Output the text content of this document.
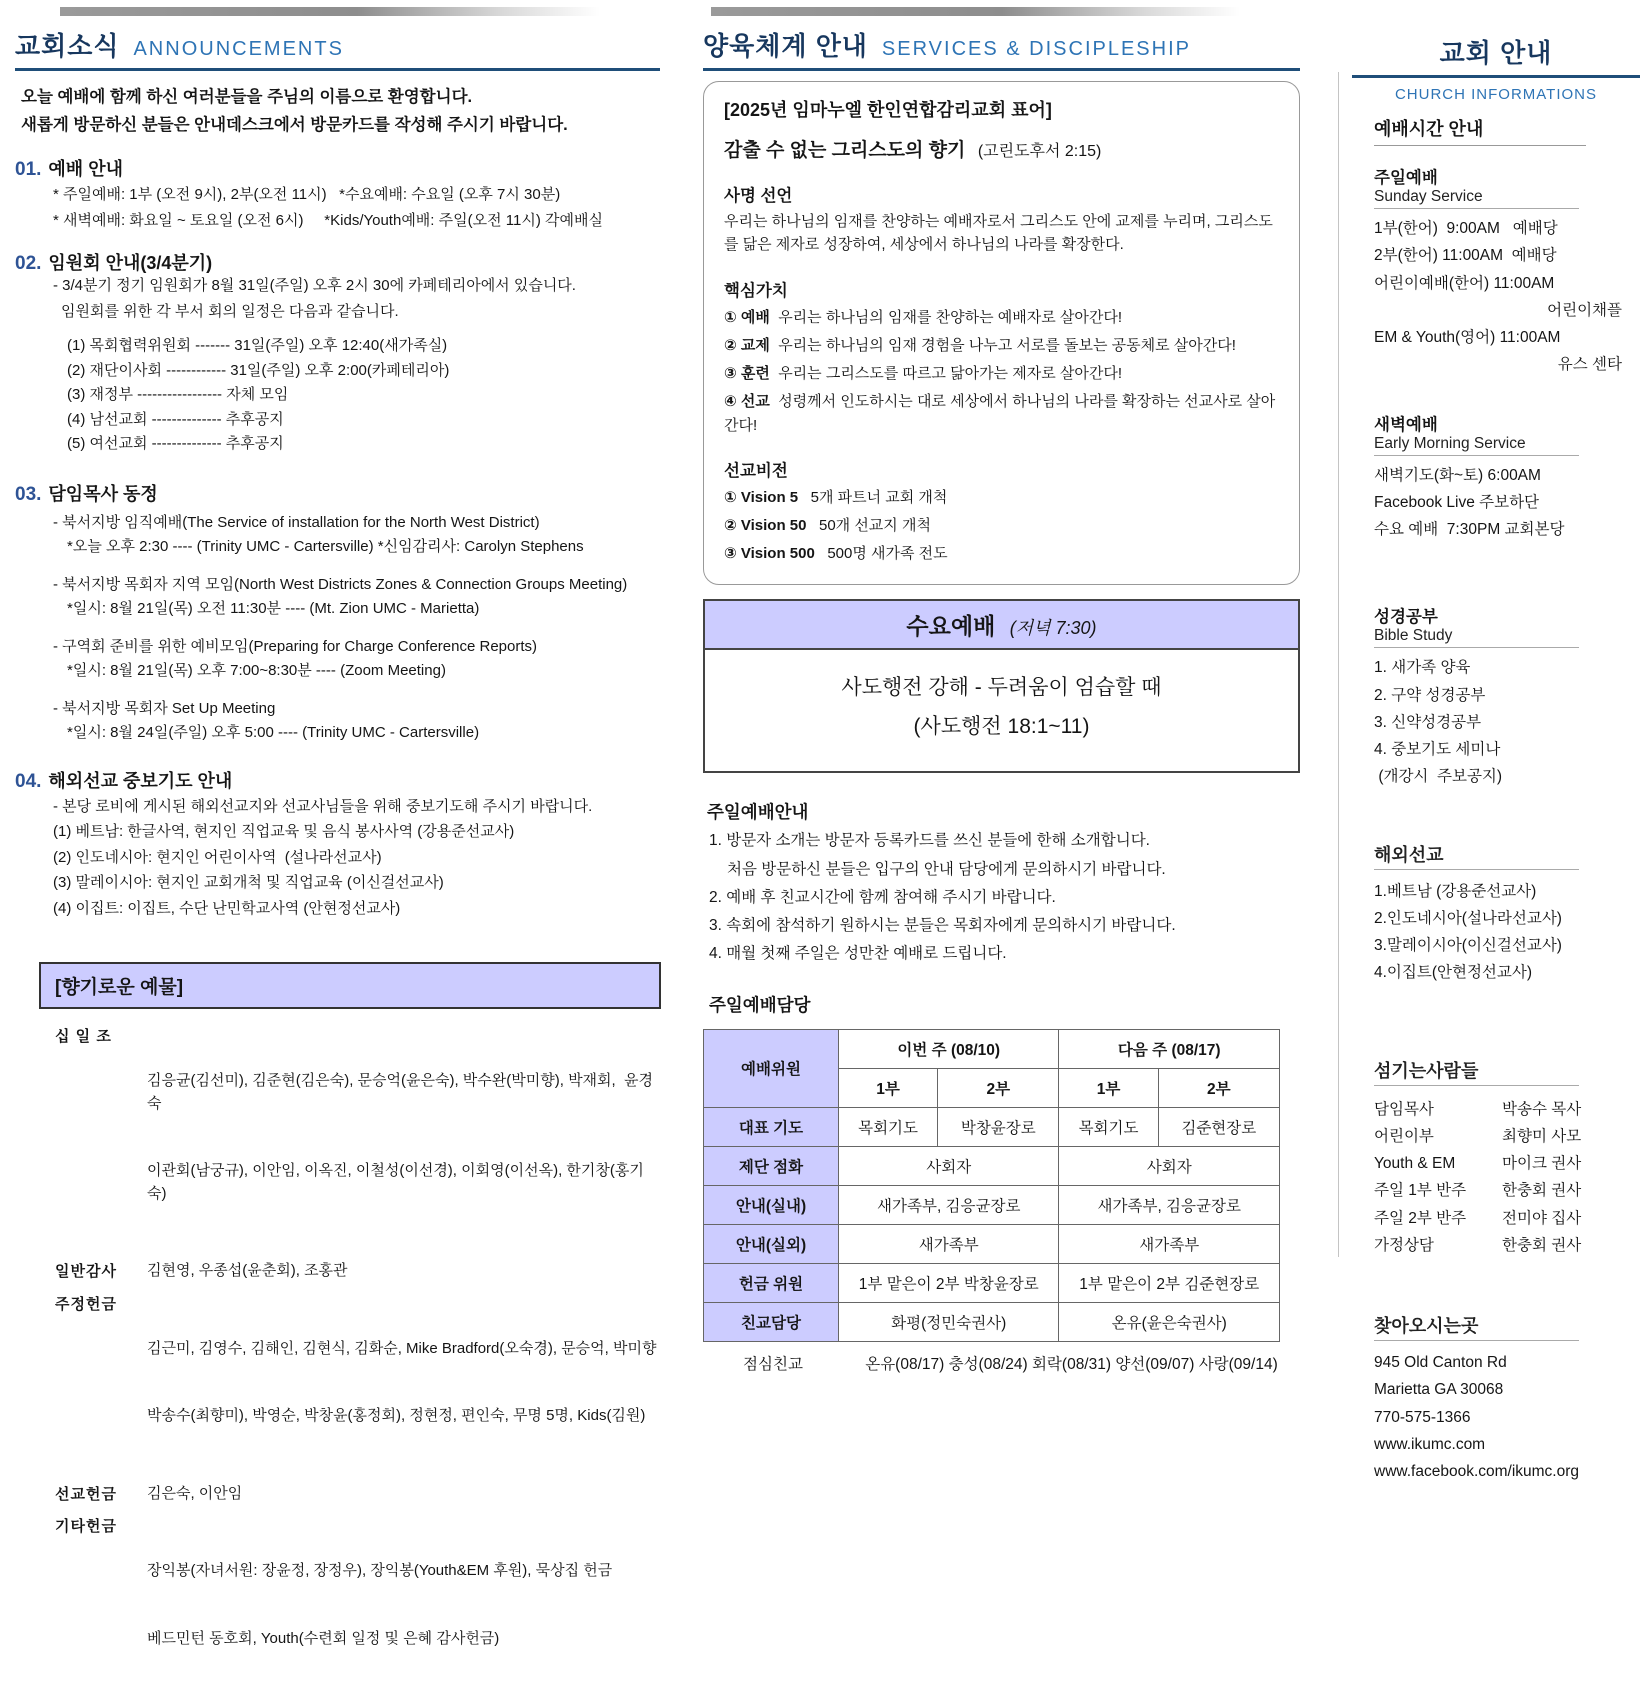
교회소식 ANNOUNCEMENTS
오늘 예배에 함께 하신 여러분들을 주님의 이름으로 환영합니다.
새롭게 방문하신 분들은 안내데스크에서 방문카드를 작성해 주시기 바랍니다.
01. 예배 안내
* 주일예배: 1부 (오전 9시), 2부(오전 11시)   *수요예배: 수요일 (오후 7시 30분)
* 새벽예배: 화요일 ~ 토요일 (오전 6시)     *Kids/Youth예배: 주일(오전 11시) 각예배실
02. 임원회 안내(3/4분기)
- 3/4분기 정기 임원회가 8월 31일(주일) 오후 2시 30에 카페테리아에서 있습니다.
임원회를 위한 각 부서 회의 일정은 다음과 같습니다.
(1) 목회협력위원회 ------- 31일(주일) 오후 12:40(새가족실)
(2) 재단이사회 ------------ 31일(주일) 오후 2:00(카페테리아)
(3) 재정부 ----------------- 자체 모임
(4) 남선교회 -------------- 추후공지
(5) 여선교회 -------------- 추후공지
03. 담임목사 동정
- 북서지방 임직예배(The Service of installation for the North West District)
*오늘 오후 2:30 ---- (Trinity UMC - Cartersville) *신임감리사: Carolyn Stephens
- 북서지방 목회자 지역 모임(North West Districts Zones & Connection Groups Meeting)
*일시: 8월 21일(목) 오전 11:30분 ---- (Mt. Zion UMC - Marietta)
- 구역회 준비를 위한 예비모임(Preparing for Charge Conference Reports)
*일시: 8월 21일(목) 오후 7:00~8:30분 ---- (Zoom Meeting)
- 북서지방 목회자 Set Up Meeting
*일시: 8월 24일(주일) 오후 5:00 ---- (Trinity UMC - Cartersville)
04. 해외선교 중보기도 안내
- 본당 로비에 게시된 해외선교지와 선교사님들을 위해 중보기도해 주시기 바랍니다.
(1) 베트남: 한글사역, 현지인 직업교육 및 음식 봉사사역 (강용준선교사)
(2) 인도네시아: 현지인 어린이사역  (설나라선교사)
(3) 말레이시아: 현지인 교회개척 및 직업교육 (이신걸선교사)
(4) 이집트: 이집트, 수단 난민학교사역 (안현정선교사)
[향기로운 예물]
십 일 조

김응균(김선미), 김준현(김은숙), 문승억(윤은숙), 박수완(박미향), 박재회,  윤경숙

이관회(남궁규), 이안임, 이옥진, 이철성(이선경), 이회영(이선옥), 한기창(홍기숙)

일반감사	김현영, 우종섭(윤춘회), 조홍관
주정헌금

김근미, 김영수, 김해인, 김현식, 김화순, Mike Bradford(오숙경), 문승억, 박미향

박송수(최향미), 박영순, 박창윤(홍정회), 정현정, 편인숙, 무명 5명, Kids(김원)

선교헌금	김은숙, 이안임
기타헌금

장익봉(자녀서원: 장윤정, 장정우), 장익봉(Youth&EM 후원), 묵상집 헌금

베드민턴 동호회, Youth(수련회 일정 및 은혜 감사헌금)

양육체계 안내 SERVICES & DISCIPLESHIP
[2025년 임마누엘 한인연합감리교회 표어]
감출 수 없는 그리스도의 향기 (고린도후서 2:15)
사명 선언
우리는 하나님의 임재를 찬양하는 예배자로서 그리스도 안에 교제를 누리며, 그리스도를 닮은 제자로 성장하여, 세상에서 하나님의 나라를 확장한다.
핵심가치
① 예배  우리는 하나님의 임재를 찬양하는 예배자로 살아간다!
② 교제  우리는 하나님의 임재 경험을 나누고 서로를 돌보는 공동체로 살아간다!
③ 훈련  우리는 그리스도를 따르고 닮아가는 제자로 살아간다!
④ 선교  성령께서 인도하시는 대로 세상에서 하나님의 나라를 확장하는 선교사로 살아간다!
선교비전
① Vision 5   5개 파트너 교회 개척
② Vision 50   50개 선교지 개척
③ Vision 500   500명 새가족 전도
수요예배 (저녁 7:30)
사도행전 강해 - 두려움이 엄습할 때
(사도행전 18:1~11)
주일예배안내
1. 방문자 소개는 방문자 등록카드를 쓰신 분들에 한해 소개합니다.
처음 방문하신 분들은 입구의 안내 담당에게 문의하시기 바랍니다.
2. 예배 후 친교시간에 함께 참여해 주시기 바랍니다.
3. 속회에 참석하기 원하시는 분들은 목회자에게 문의하시기 바랍니다.
4. 매월 첫째 주일은 성만찬 예배로 드립니다.
주일예배담당
예배위원	이번 주 (08/10)		다음 주 (08/17)	
	1부	2부	1부	2부
대표 기도	목회기도	박창윤장로	목회기도	김준현장로
제단 점화	사회자		사회자	
안내(실내)	새가족부, 김응균장로		새가족부, 김응균장로	
안내(실외)	새가족부		새가족부	
헌금 위원	1부 맡은이 2부 박창윤장로		1부 맡은이 2부 김준현장로	
친교담당	화평(정민숙권사)		온유(윤은숙권사)	
점심친교	온유(08/17) 충성(08/24) 회락(08/31) 양선(09/07) 사랑(09/14)
교회 안내
CHURCH INFORMATIONS
예배시간 안내
주일예배
Sunday Service
1부(한어)  9:00AM   예배당
2부(한어) 11:00AM  예배당
어린이예배(한어) 11:00AM
어린이채플
EM & Youth(영어) 11:00AM
유스 센타
새벽예배
Early Morning Service
새벽기도(화~토) 6:00AM
Facebook Live 주보하단
수요 예배  7:30PM 교회본당
성경공부
Bible Study
1. 새가족 양육
2. 구약 성경공부
3. 신약성경공부
4. 중보기도 세미나
(개강시  주보공지)
해외선교
1.베트남 (강용준선교사)
2.인도네시아(설나라선교사)
3.말레이시아(이신걸선교사)
4.이집트(안현정선교사)
섬기는사람들
담임목사	박송수 목사
어린이부	최향미 사모
Youth & EM	마이크 권사
주일 1부 반주	한충회 권사
주일 2부 반주	전미야 집사
가정상담	한충회 권사
찾아오시는곳
945 Old Canton Rd
Marietta GA 30068
770-575-1366
www.ikumc.com
www.facebook.com/ikumc.org
